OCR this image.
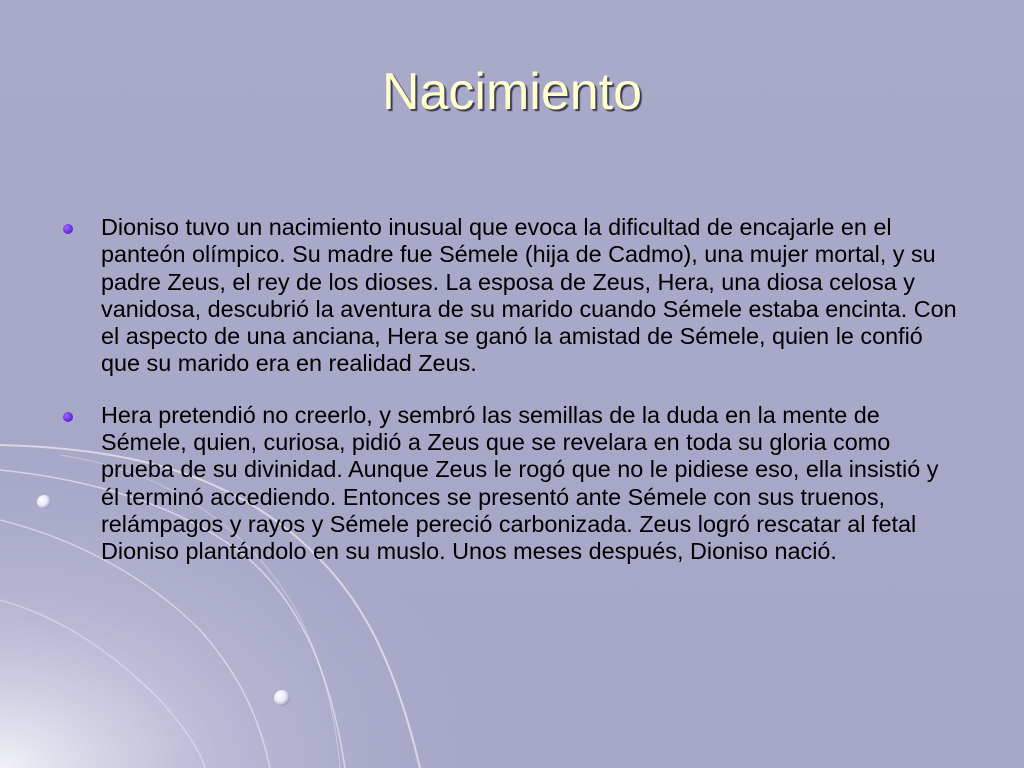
Nacimiento
Dioniso tuvo un nacimiento inusual que evoca la dificultad de encajarle en el panteón olímpico. Su madre fue Sémele (hija de Cadmo), una mujer mortal, y su padre Zeus, el rey de los dioses. La esposa de Zeus, Hera, una diosa celosa y vanidosa, descubrió la aventura de su marido cuando Sémele estaba encinta. Con el aspecto de una anciana, Hera se ganó la amistad de Sémele, quien le confió que su marido era en realidad Zeus.
Hera pretendió no creerlo, y sembró las semillas de la duda en la mente de Sémele, quien, curiosa, pidió a Zeus que se revelara en toda su gloria como prueba de su divinidad. Aunque Zeus le rogó que no le pidiese eso, ella insistió y él terminó accediendo. Entonces se presentó ante Sémele con sus truenos, relámpagos y rayos y Sémele pereció carbonizada. Zeus logró rescatar al fetal Dioniso plantándolo en su muslo. Unos meses después, Dioniso nació.
